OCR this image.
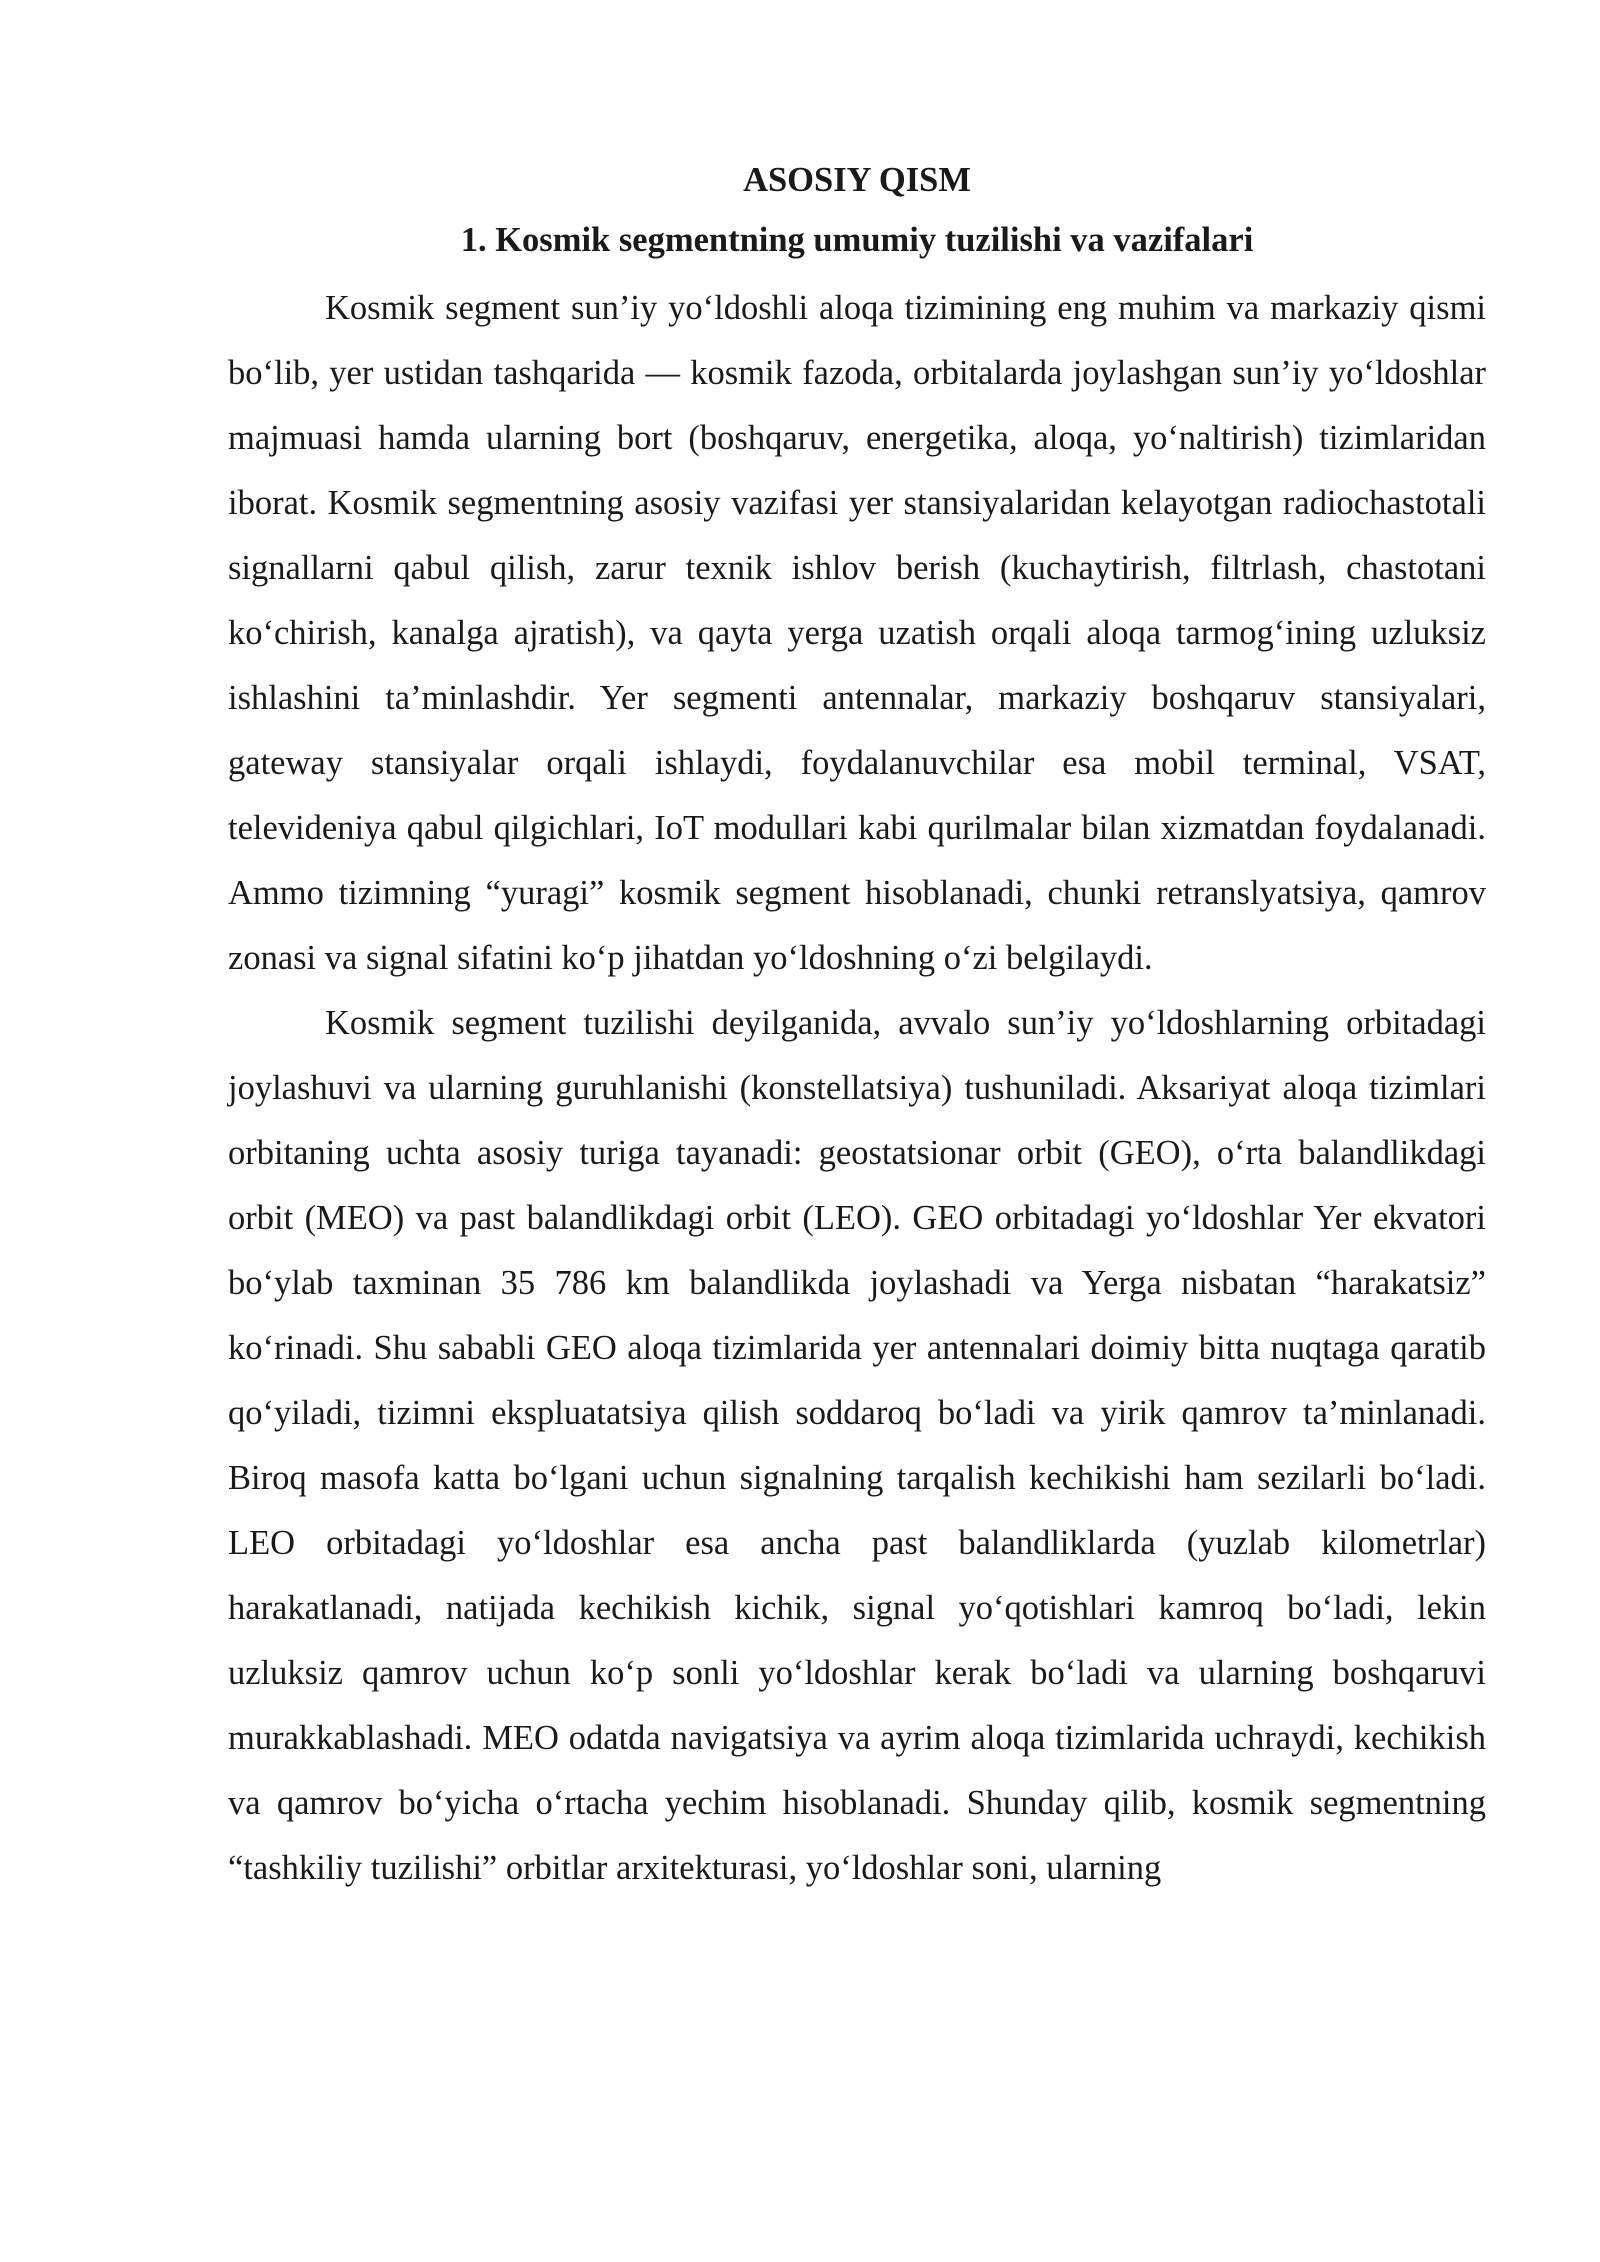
ASOSIY QISM

1. Kosmik segmentning umumiy tuzilishi va vazifalari

Kosmik segment sun’iy yo‘ldoshli aloqa tizimining eng muhim va markaziy qismi bo‘lib, yer ustidan tashqarida — kosmik fazoda, orbitalarda joylashgan sun’iy yo‘ldoshlar majmuasi hamda ularning bort (boshqaruv, energetika, aloqa, yo‘naltirish) tizimlaridan iborat. Kosmik segmentning asosiy vazifasi yer stansiyalaridan kelayotgan radiochastotali signallarni qabul qilish, zarur texnik ishlov berish (kuchaytirish, filtrlash, chastotani ko‘chirish, kanalga ajratish), va qayta yerga uzatish orqali aloqa tarmog‘ining uzluksiz ishlashini ta’minlashdir. Yer segmenti antennalar, markaziy boshqaruv stansiyalari, gateway stansiyalar orqali ishlaydi, foydalanuvchilar esa mobil terminal, VSAT, televideniya qabul qilgichlari, IoT modullari kabi qurilmalar bilan xizmatdan foydalanadi. Ammo tizimning “yuragi” kosmik segment hisoblanadi, chunki retranslyatsiya, qamrov zonasi va signal sifatini ko‘p jihatdan yo‘ldoshning o‘zi belgilaydi.

Kosmik segment tuzilishi deyilganida, avvalo sun’iy yo‘ldoshlarning orbitadagi joylashuvi va ularning guruhlanishi (konstellatsiya) tushuniladi. Aksariyat aloqa tizimlari orbitaning uchta asosiy turiga tayanadi: geostatsionar orbit (GEO), o‘rta balandlikdagi orbit (MEO) va past balandlikdagi orbit (LEO). GEO orbitadagi yo‘ldoshlar Yer ekvatori bo‘ylab taxminan 35 786 km balandlikda joylashadi va Yerga nisbatan “harakatsiz” ko‘rinadi. Shu sababli GEO aloqa tizimlarida yer antennalari doimiy bitta nuqtaga qaratib qo‘yiladi, tizimni ekspluatatsiya qilish soddaroq bo‘ladi va yirik qamrov ta’minlanadi. Biroq masofa katta bo‘lgani uchun signalning tarqalish kechikishi ham sezilarli bo‘ladi. LEO orbitadagi yo‘ldoshlar esa ancha past balandliklarda (yuzlab kilometrlar) harakatlanadi, natijada kechikish kichik, signal yo‘qotishlari kamroq bo‘ladi, lekin uzluksiz qamrov uchun ko‘p sonli yo‘ldoshlar kerak bo‘ladi va ularning boshqaruvi murakkablashadi. MEO odatda navigatsiya va ayrim aloqa tizimlarida uchraydi, kechikish va qamrov bo‘yicha o‘rtacha yechim hisoblanadi. Shunday qilib, kosmik segmentning “tashkiliy tuzilishi” orbitlar arxitekturasi, yo‘ldoshlar soni, ularning
